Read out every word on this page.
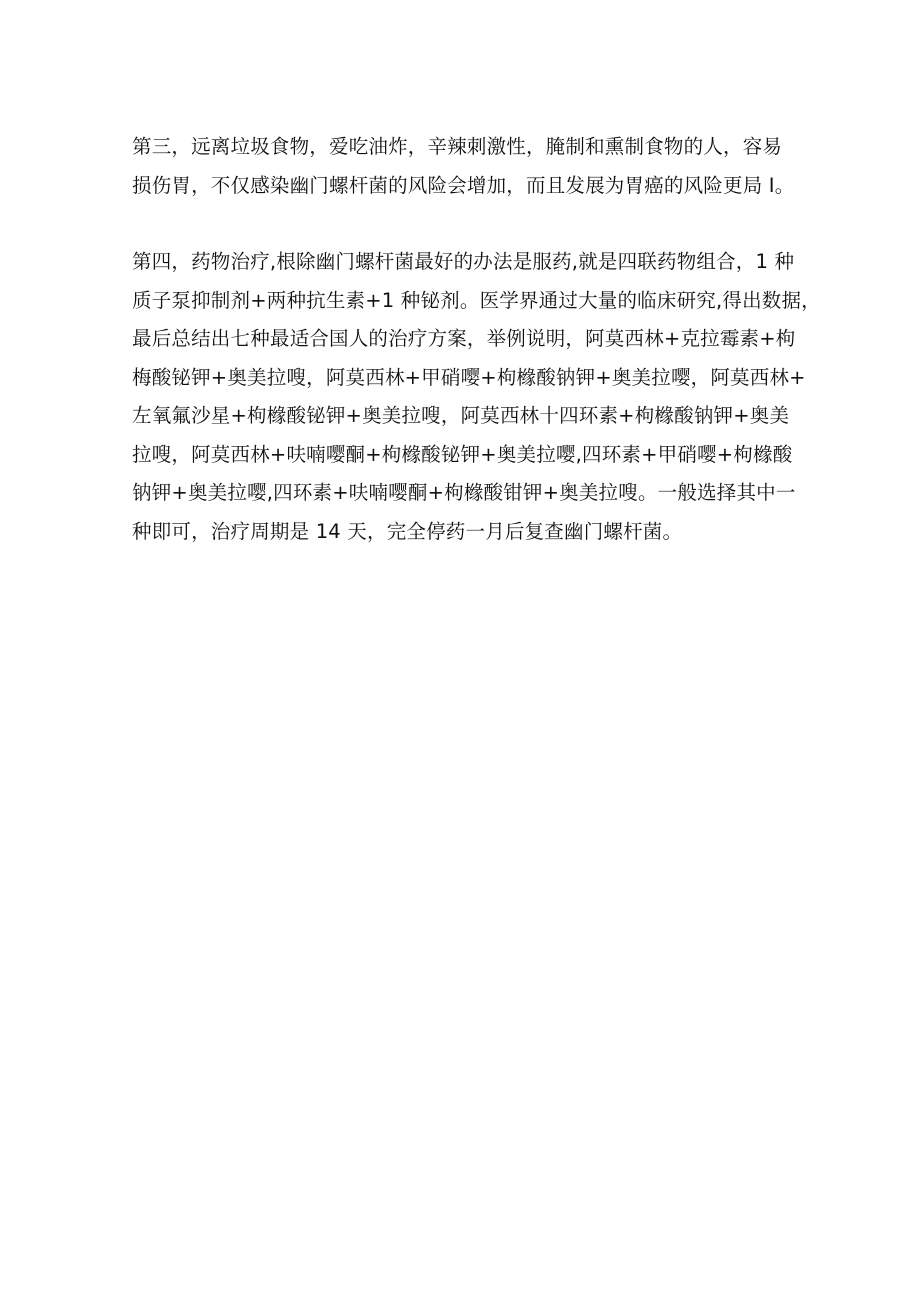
第三，远离垃圾食物，爱吃油炸，辛辣刺激性，腌制和熏制食物的人，容易
损伤胃，不仅感染幽门螺杆菌的风险会增加，而且发展为胃癌的风险更局 I。

第四，药物治疗,根除幽门螺杆菌最好的办法是服药,就是四联药物组合，1 种
质子泵抑制剂+两种抗生素+1 种铋剂。医学界通过大量的临床研究,得出数据，
最后总结出七种最适合国人的治疗方案，举例说明，阿莫西林+克拉霉素+枸
梅酸铋钾+奥美拉嗖，阿莫西林+甲硝嘤+枸橼酸钠钾+奥美拉嘤，阿莫西林+
左氧氟沙星+枸橼酸铋钾+奥美拉嗖，阿莫西林十四环素+枸橼酸钠钾+奥美
拉嗖，阿莫西林+呋喃嘤酮+枸橼酸铋钾+奥美拉嘤,四环素+甲硝嘤+枸橼酸
钠钾+奥美拉嘤,四环素+呋喃嘤酮+枸橼酸钳钾+奥美拉嗖。一般选择其中一
种即可，治疗周期是 14 天，完全停药一月后复查幽门螺杆菌。
